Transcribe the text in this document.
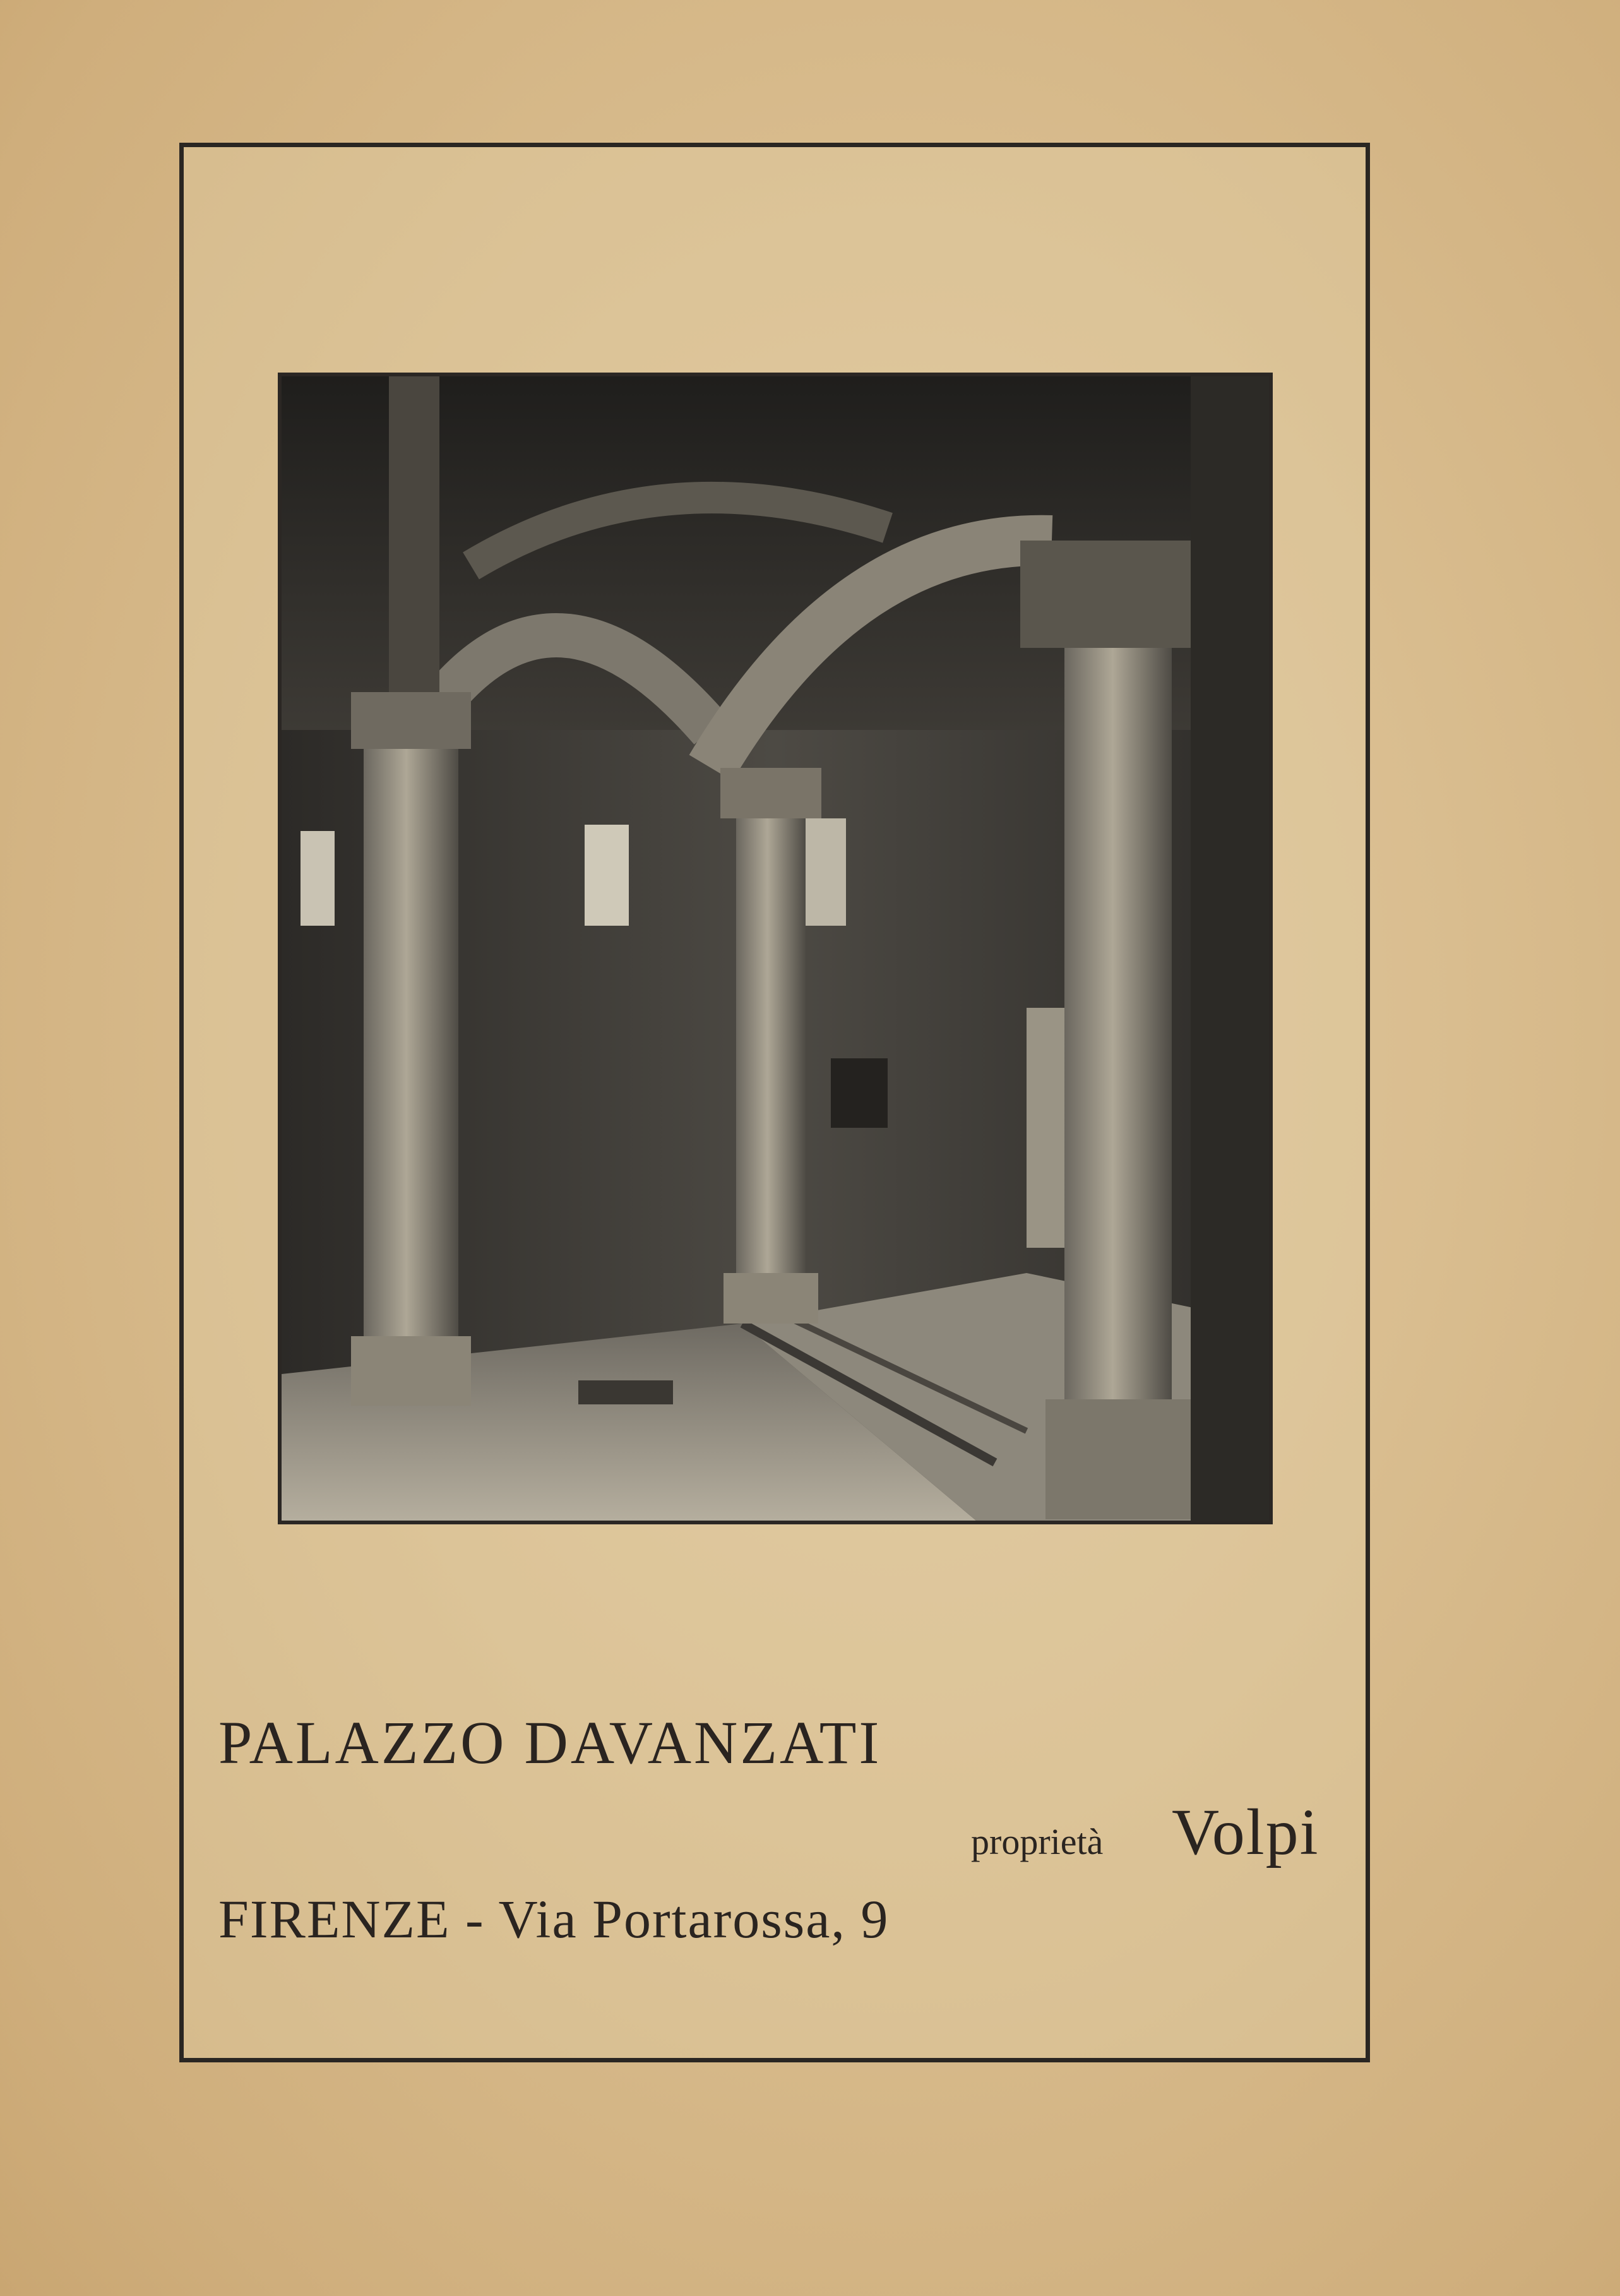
PALAZZO DAVANZATI
proprietà Volpi
FIRENZE - Via Portarossa, 9
